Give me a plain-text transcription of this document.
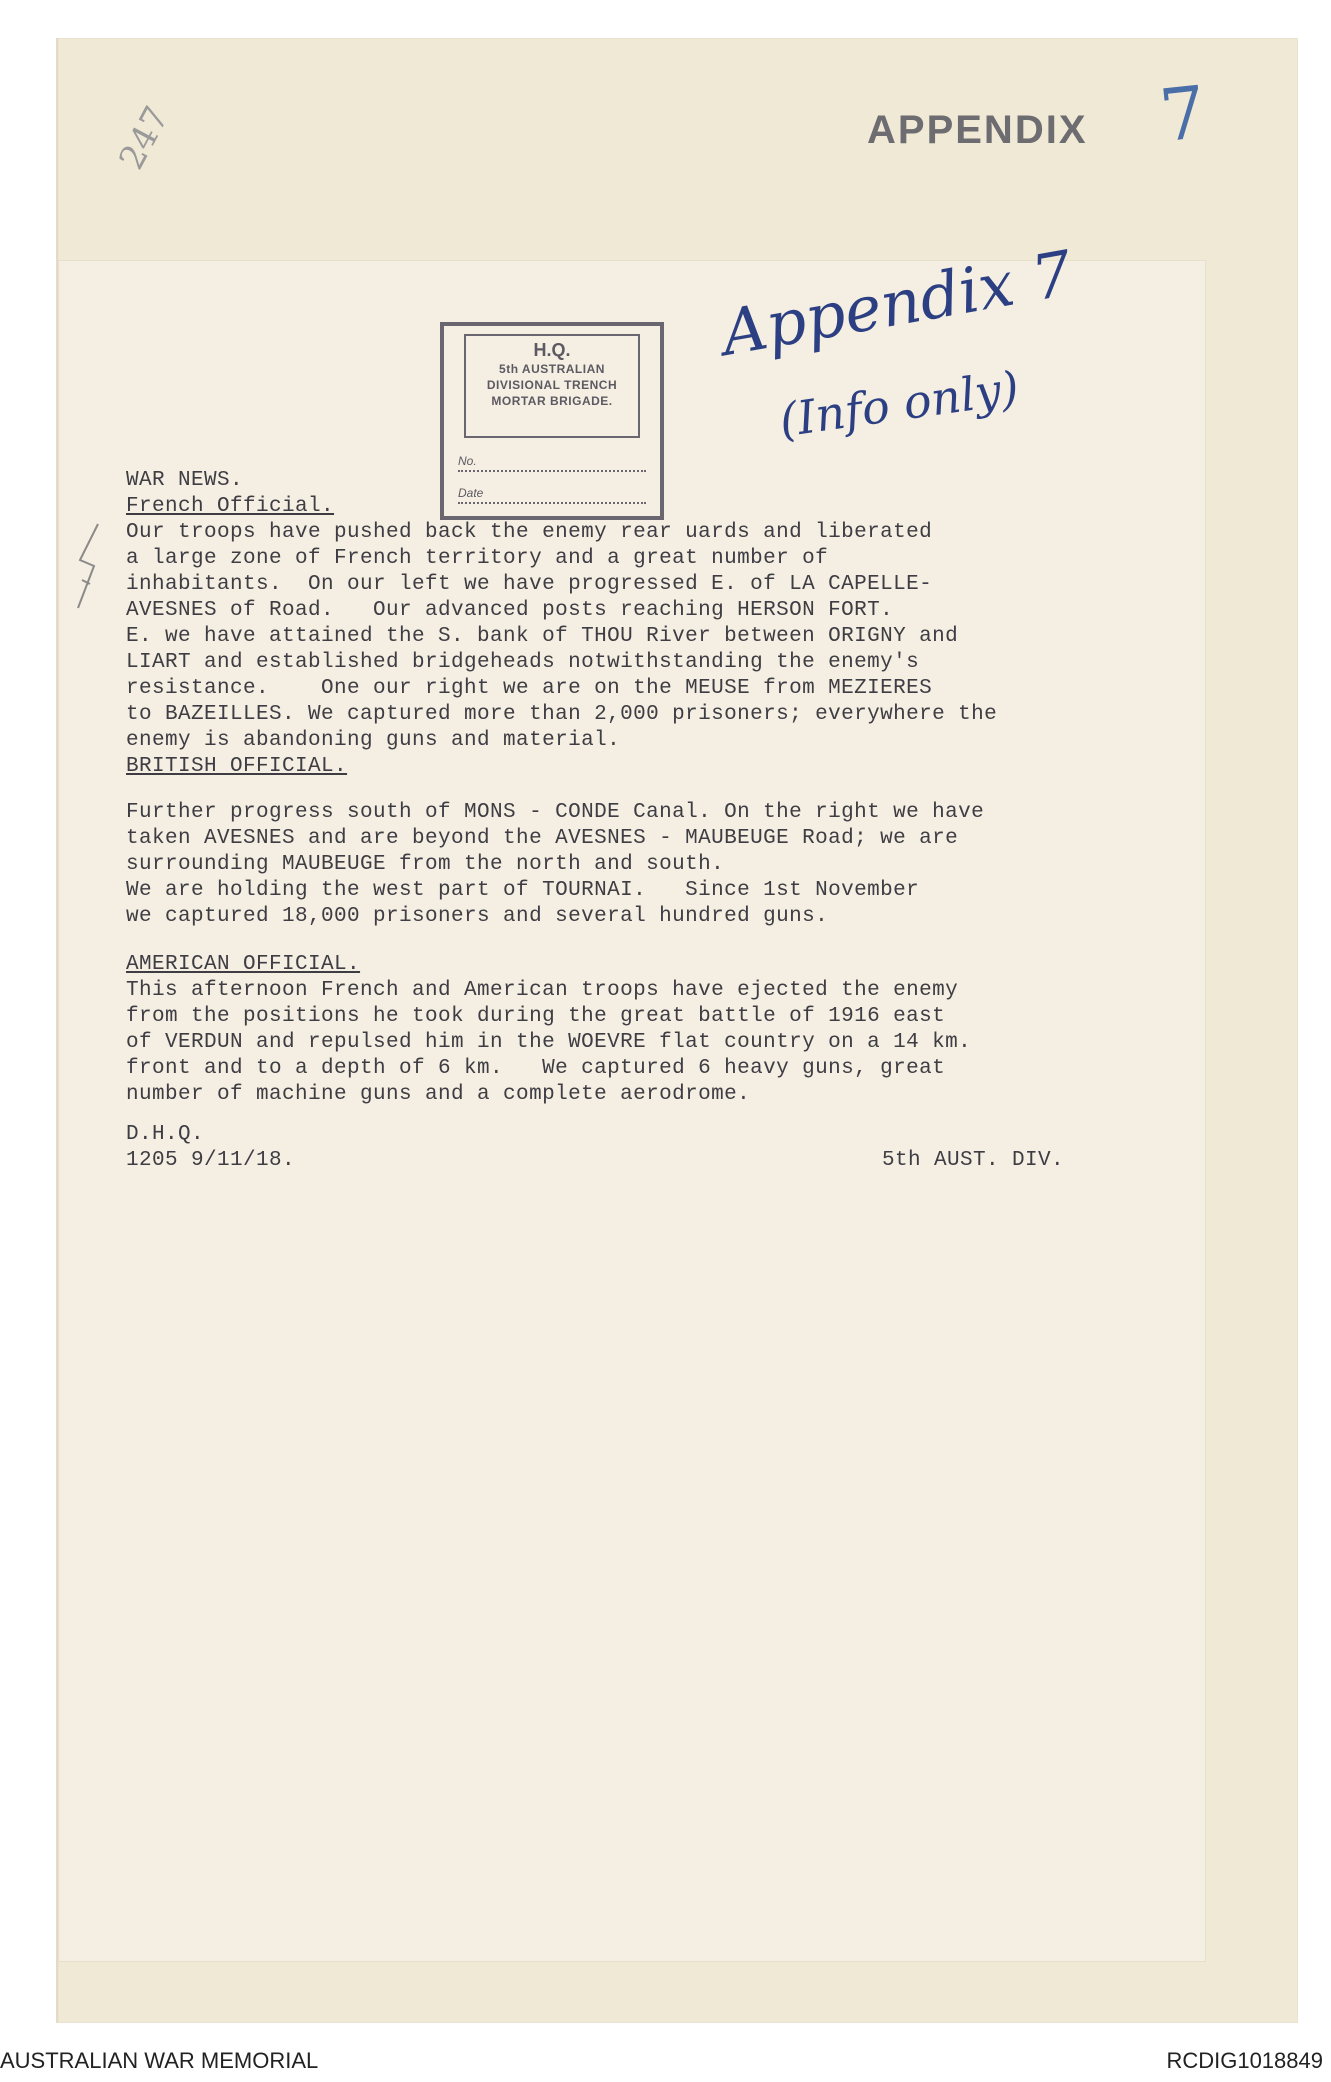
APPENDIX 7
247
H.Q.
5th AUSTRALIAN
DIVISIONAL TRENCH
MORTAR BRIGADE.
No.
Date
Appendix 7
(Info only)
WAR NEWS.
French Official.
Our troops have pushed back the enemy rear uards and liberated
a large zone of French territory and a great number of
inhabitants.  On our left we have progressed E. of LA CAPELLE-
AVESNES of Road.   Our advanced posts reaching HERSON FORT.
E. we have attained the S. bank of THOU River between ORIGNY and
LIART and established bridgeheads notwithstanding the enemy's
resistance.    One our right we are on the MEUSE from MEZIERES
to BAZEILLES. We captured more than 2,000 prisoners; everywhere the
enemy is abandoning guns and material.
BRITISH OFFICIAL.
Further progress south of MONS - CONDE Canal. On the right we have
taken AVESNES and are beyond the AVESNES - MAUBEUGE Road; we are
surrounding MAUBEUGE from the north and south.
We are holding the west part of TOURNAI.   Since 1st November
we captured 18,000 prisoners and several hundred guns.
AMERICAN OFFICIAL.
This afternoon French and American troops have ejected the enemy
from the positions he took during the great battle of 1916 east
of VERDUN and repulsed him in the WOEVRE flat country on a 14 km.
front and to a depth of 6 km.   We captured 6 heavy guns, great
number of machine guns and a complete aerodrome.
D.H.Q.
1205 9/11/18.	5th AUST. DIV.
AUSTRALIAN WAR MEMORIAL	RCDIG1018849
